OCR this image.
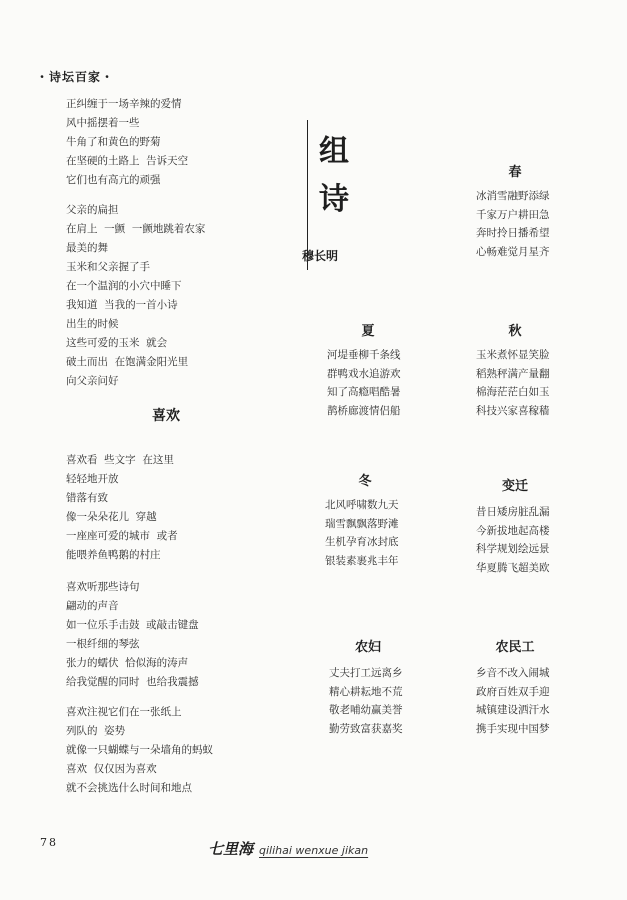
・诗坛百家・
正纠缠于一场辛辣的爱情
风中摇摆着一些
牛角了和黄色的野菊
在坚硬的土路上  告诉天空
它们也有高亢的顽强
父亲的扁担
在肩上  一颤  一颤地跳着农家
最美的舞
玉米和父亲握了手
在一个温润的小穴中睡下
我知道  当我的一首小诗
出生的时候
这些可爱的玉米  就会
破土而出  在饱满金阳光里
向父亲问好
喜欢
喜欢看  些文字  在这里
轻轻地开放
错落有致
像一朵朵花儿  穿越
一座座可爱的城市  或者
能喂养鱼鸭鹅的村庄
喜欢听那些诗句
翩动的声音
如一位乐手击鼓  或敲击键盘
一根纤细的琴弦
张力的蠕伏  恰似海的涛声
给我觉醒的同时  也给我震撼
喜欢注视它们在一张纸上
列队的  姿势
就像一只蝴蝶与一朵墙角的蚂蚁
喜欢  仅仅因为喜欢
就不会挑选什么时间和地点
组诗
穆长明
春
冰消雪融野添绿
千家万户耕田急
奔时拎日播希望
心畅难觉月星齐
夏
河堤垂柳千条线
群鸭戏水追游欢
知了高瘾唱酷暑
鹊桥廊渡情侣船
秋
玉米煮怀显笑脸
稻熟秤满产量翻
棉海茫茫白如玉
科技兴家喜稼穑
冬
北风呼啸数九天
瑞雪飘飘落野滩
生机孕育冰封底
银装素裹兆丰年
变迁
昔日矮房脏乱漏
今新拔地起高楼
科学规划绘远景
华夏腾飞超美欧
农妇
丈夫打工远离乡
精心耕耘地不荒
敬老哺幼赢美誉
勤劳致富获嘉奖
农民工
乡音不改入闹城
政府百姓双手迎
城镇建设洒汗水
携手实现中国梦
78	七里海 qilihai wenxue jikan
